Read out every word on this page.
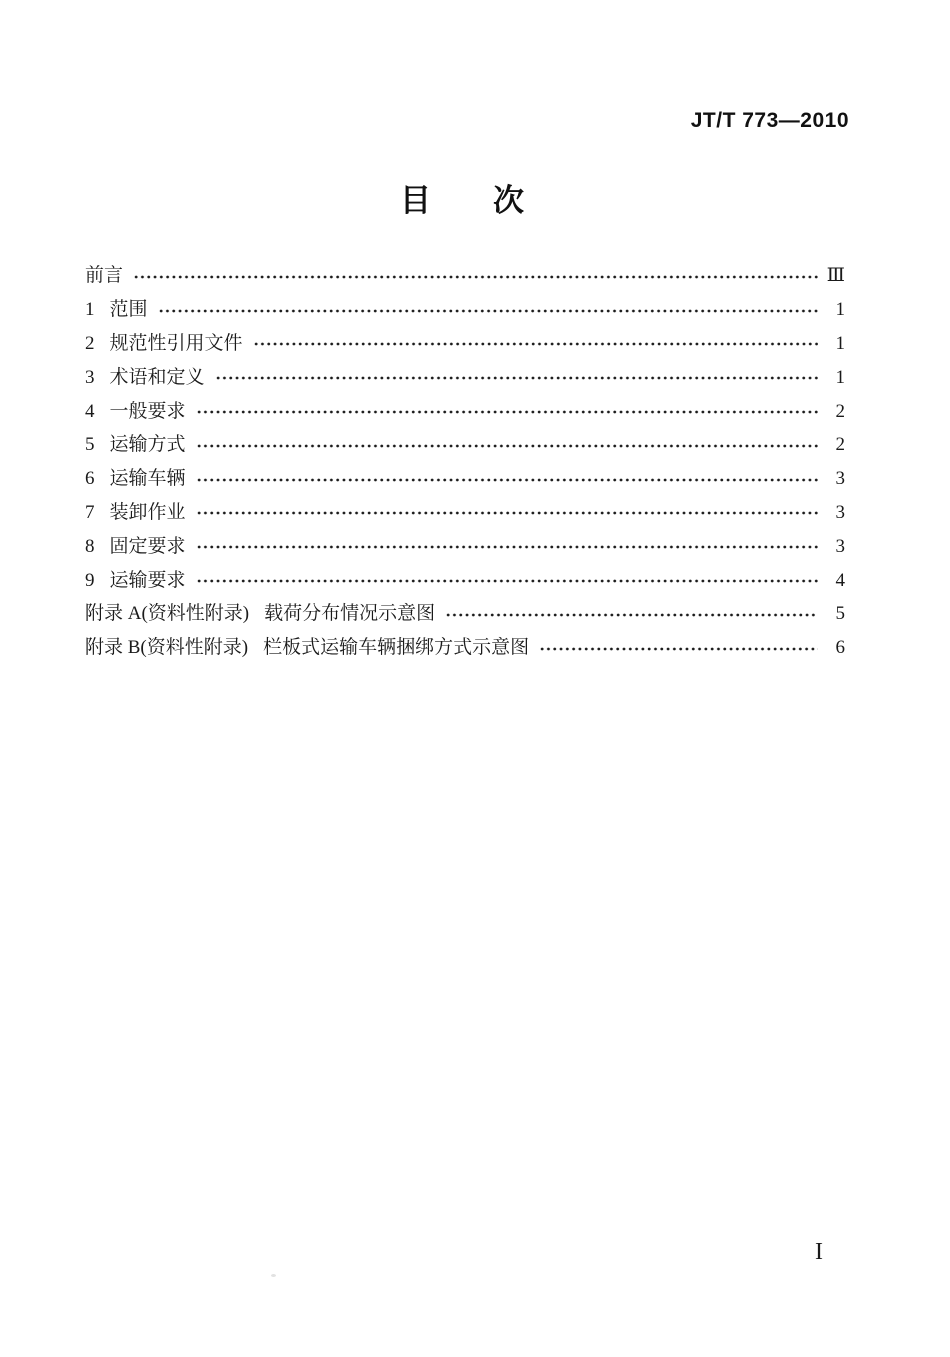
JT/T 773—2010
目　　次
前言	Ⅲ
1 范围	1
2 规范性引用文件	1
3 术语和定义	1
4 一般要求	2
5 运输方式	2
6 运输车辆	3
7 装卸作业	3
8 固定要求	3
9 运输要求	4
附录 A(资料性附录) 载荷分布情况示意图	5
附录 B(资料性附录) 栏板式运输车辆捆绑方式示意图	6
I
